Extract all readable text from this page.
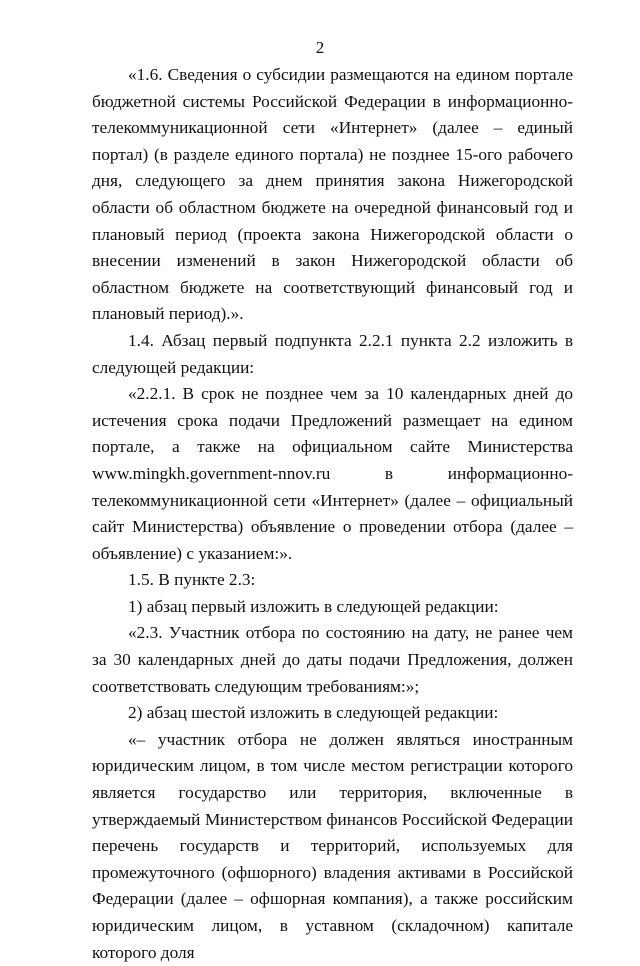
2

«1.6. Сведения о субсидии размещаются на едином портале бюджетной системы Российской Федерации в информационно-телекоммуникационной сети «Интернет» (далее – единый портал) (в разделе единого портала) не позднее 15-ого рабочего дня, следующего за днем принятия закона Нижегородской области об областном бюджете на очередной финансовый год и плановый период (проекта закона Нижегородской области о внесении изменений в закон Нижегородской области об областном бюджете на соответствующий финансовый год и плановый период).».

1.4. Абзац первый подпункта 2.2.1 пункта 2.2 изложить в следующей редакции:

«2.2.1. В срок не позднее чем за 10 календарных дней до истечения срока подачи Предложений размещает на едином портале, а также на официальном сайте Министерства www.mingkh.government-nnov.ru в информационно-телекоммуникационной сети «Интернет» (далее – официальный сайт Министерства) объявление о проведении отбора (далее – объявление) с указанием:».

1.5. В пункте 2.3:

1) абзац первый изложить в следующей редакции:

«2.3. Участник отбора по состоянию на дату, не ранее чем за 30 календарных дней до даты подачи Предложения, должен соответствовать следующим требованиям:»;

2) абзац шестой изложить в следующей редакции:

«– участник отбора не должен являться иностранным юридическим лицом, в том числе местом регистрации которого является государство или территория, включенные в утверждаемый Министерством финансов Российской Федерации перечень государств и территорий, используемых для промежуточного (офшорного) владения активами в Российской Федерации (далее – офшорная компания), а также российским юридическим лицом, в уставном (складочном) капитале которого доля
